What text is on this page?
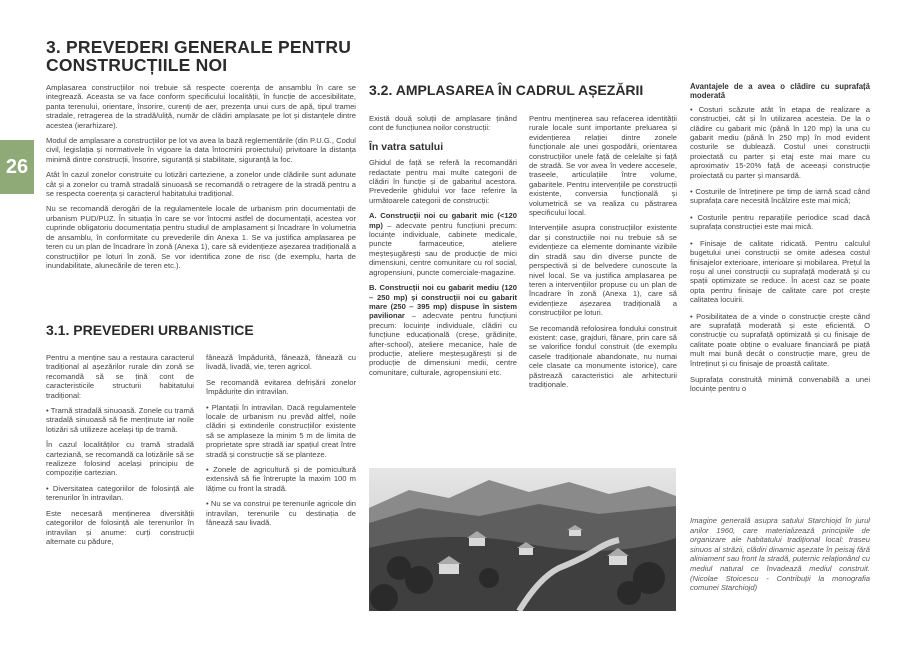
26
3. PREVEDERI GENERALE PENTRU CONSTRUCȚIILE NOI

Amplasarea construcțiilor noi trebuie să respecte coerența de ansamblu în care se integrează. Aceasta se va face conform specificului localității, în funcție de accesibilitate, panta terenului, orientare, însorire, curenți de aer, prezența unui curs de apă, tipul tramei stradale, retragerea de la stradă/uliță, număr de clădiri amplasate pe lot și distanțele dintre acestea (ierarhizare).

Modul de amplasare a construcțiilor pe lot va avea la bază reglementările (din P.U.G., Codul civil, legislația și normativele în vigoare la data întocmirii proiectului) privitoare la distanța minimă dintre construcții, însorire, siguranță și stabilitate, siguranță la foc.

Atât în cazul zonelor construite cu lotizări carteziene, a zonelor unde clădirile sunt adunate cât și a zonelor cu tramă stradală sinuoasă se recomandă o retragere de la stradă pentru a se respecta coerența și caracterul habitatului tradițional.

Nu se recomandă derogări de la regulamentele locale de urbanism prin documentații de urbanism PUD/PUZ. În situația în care se vor întocmi astfel de documentații, acestea vor cuprinde obligatoriu documentația pentru studiul de amplasament și încadrare în volumetria de ansamblu, în conformitate cu prevederile din Anexa 1. Se va justifica amplasarea pe teren cu un plan de încadrare în zonă (Anexa 1), care să evidențieze așezarea tradițională a construcțiilor pe loturi în zonă. Se vor identifica zone de risc (de exemplu, harta de inundabilitate, alunecările de teren etc.).

3.1. PREVEDERI URBANISTICE

Pentru a menține sau a restaura caracterul tradițional al așezărilor rurale din zonă se recomandă să se țină cont de caracteristicile structurii habitatului tradițional:

• Tramă stradală sinuoasă. Zonele cu tramă stradală sinuoasă să fie menținute iar noile lotizări să utilizeze același tip de tramă.

În cazul localităților cu tramă stradală carteziană, se recomandă ca lotizările să se realizeze folosind același principiu de compoziție cartezian.

• Diversitatea categoriilor de folosință ale terenurilor în intravilan.

Este necesară menținerea diversității categoriilor de folosință ale terenurilor în intravilan și anume: curți construcții alternate cu pădure,

fânează împădurită, fânează, fânează cu livadă, livadă, vie, teren agricol.

Se recomandă evitarea defrișării zonelor împădurite din intravilan.

• Plantații în intravilan. Dacă regulamentele locale de urbanism nu prevăd altfel, noile clădiri și extinderile construcțiilor existente să se amplaseze la minim 5 m de limita de proprietate spre stradă iar spațiul creat între stradă și construcție să se planteze.

• Zonele de agricultură și de pomicultură extensivă să fie întrerupte la maxim 100 m lățime cu front la stradă.

• Nu se va construi pe terenurile agricole din intravilan, terenurile cu destinația de fânează sau livadă.

3.2. AMPLASAREA ÎN CADRUL AȘEZĂRII

Există două soluții de amplasare ținând cont de funcțiunea noilor construcții:

În vatra satului

Ghidul de față se referă la recomandări redactate pentru mai multe categorii de clădiri în funcție și de gabaritul acestora. Prevederile ghidului vor face referire la următoarele categorii de construcții:

A. Construcții noi cu gabarit mic (<120 mp) – adecvate pentru funcțiuni precum: locuințe individuale, cabinete medicale, puncte farmaceutice, ateliere meșteșugărești sau de producție de mici dimensiuni, centre comunitare cu rol social, agropensiuni, puncte comerciale-magazine.

B. Construcții noi cu gabarit mediu (120 – 250 mp) și construcții noi cu gabarit mare (250 – 395 mp) dispuse în sistem pavilionar – adecvate pentru funcțiuni precum: locuințe individuale, clădiri cu funcțiune educațională (creșe, grădinițe, after-school), ateliere mecanice, hale de producție, ateliere meșteșugărești și de producție de dimensiuni medii, centre comunitare, culturale, agropensiuni etc.

Pentru menținerea sau refacerea identității rurale locale sunt importante preluarea și evidențierea relației dintre zonele funcționale ale unei gospodării, orientarea construcțiilor unele față de celelalte și față de stradă. Se vor avea în vedere accesele, traseele, articulațiile între volume, gabaritele. Pentru intervențiile pe construcții existente, conversia funcțională și volumetrică se va realiza cu păstrarea specificului local.

Intervențiile asupra construcțiilor existente dar și construcțiile noi nu trebuie să se evidențieze ca elemente dominante vizibile din stradă sau din diverse puncte de perspectivă și de belvedere cunoscute la nivel local. Se va justifica amplasarea pe teren a intervențiilor propuse cu un plan de încadrare în zonă (Anexa 1), care să evidențieze așezarea tradițională a construcțiilor pe loturi.

Se recomandă refolosirea fondului construit existent: case, grajduri, fânare, prin care să se valorifice fondul construit (de exemplu casele tradiționale abandonate, nu numai cele clasate ca monumente istorice), care păstrează caracteristici ale arhitecturii tradiționale.

Avantajele de a avea o clădire cu suprafață moderată

• Costuri scăzute atât în etapa de realizare a construcției, cât și în utilizarea acesteia. De la o clădire cu gabarit mic (până în 120 mp) la una cu gabarit mediu (până în 250 mp) în mod evident costurile se dublează. Costul unei construcții proiectată cu parter și etaj este mai mare cu aproximativ 15-20% față de aceeași construcție proiectată cu parter și mansardă.

• Costurile de întreținere pe timp de iarnă scad când suprafața care necesită încălzire este mai mică;

• Costurile pentru reparațiile periodice scad dacă suprafața construcției este mai mică.

• Finisaje de calitate ridicată. Pentru calculul bugetului unei construcții se omite adesea costul finisajelor exterioare, interioare și mobilarea. Prețul la roșu al unei construcții cu suprafață moderată și cu spații optimizate se reduce. În acest caz se poate opta pentru finisaje de calitate care pot crește calitatea locuirii.

• Posibilitatea de a vinde o construcție crește când are suprafață moderată și este eficientă. O construcție cu suprafață optimizată și cu finisaje de calitate poate obține o evaluare financiară pe piață mult mai bună decât o construcție mare, greu de întreținut și cu finisaje de proastă calitate.

Suprafața construită minimă convenabilă a unei locuințe pentru o

Imagine generală asupra satului Starchiojd în jurul anilor 1960, care materializează principiile de organizare ale habitatului tradițional local: traseu sinuos al străzii, clădiri dinamic așezate în peisaj fără aliniament sau front la stradă, puternic relaționând cu mediul natural ce învadează mediul construit. (Nicolae Stoicescu - Contribuții la monografia comunei Starchiojd)
